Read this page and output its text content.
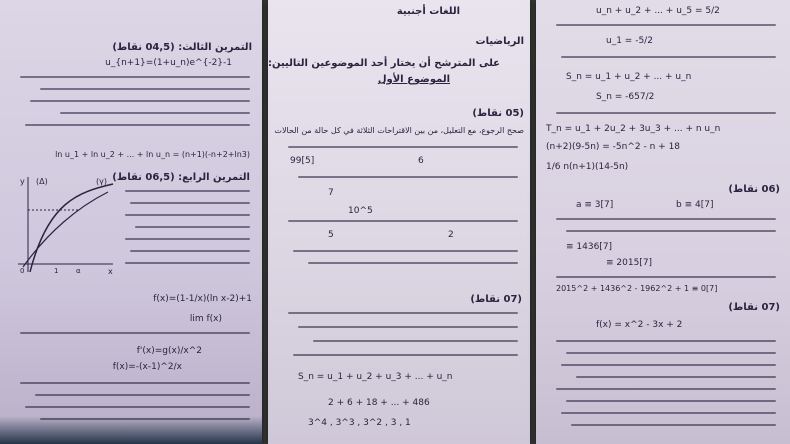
التمرين الثالث: (04,5 نقاط)
u_{n+1}=(1+u_n)e^{-2}-1
ln u_1 + ln u_2 + ... + ln u_n = (n+1)(-n+2+ln3)
التمرين الرابع: (06,5 نقاط)
(Δ)	(γ)
y
x
0	1	α
f(x)=(1-1/x)(ln x-2)+1
lim f(x)
f'(x)=g(x)/x^2
f(x)=-(x-1)^2/x
اللغات أجنبية
الرياضيات
على المترشح أن يختار أحد الموضوعين التاليين:
الموضوع الأول
(05 نقاط)
صحح الرجوع، مع التعليل، من بين الاقتراحات الثلاثة في كل حالة من الحالات
99[5]	6
7
10^5
5	2
(07 نقاط)
S_n = u_1 + u_2 + u_3 + ... + u_n
2 + 6 + 18 + ... + 486
3^4 , 3^3 , 3^2 , 3 , 1
u_n + u_2 + ... + u_5 = 5/2
u_1 = -5/2
S_n = u_1 + u_2 + ... + u_n
S_n = -657/2
T_n = u_1 + 2u_2 + 3u_3 + ... + n u_n
(n+2)(9-5n) = -5n^2 - n + 18
1/6 n(n+1)(14-5n)
(06 نقاط)
a ≡ 3[7]	b ≡ 4[7]
≡ 1436[7]
≡ 2015[7]
2015^2 + 1436^2 - 1962^2 + 1 ≡ 0[7]
(07 نقاط)
f(x) = x^2 - 3x + 2
